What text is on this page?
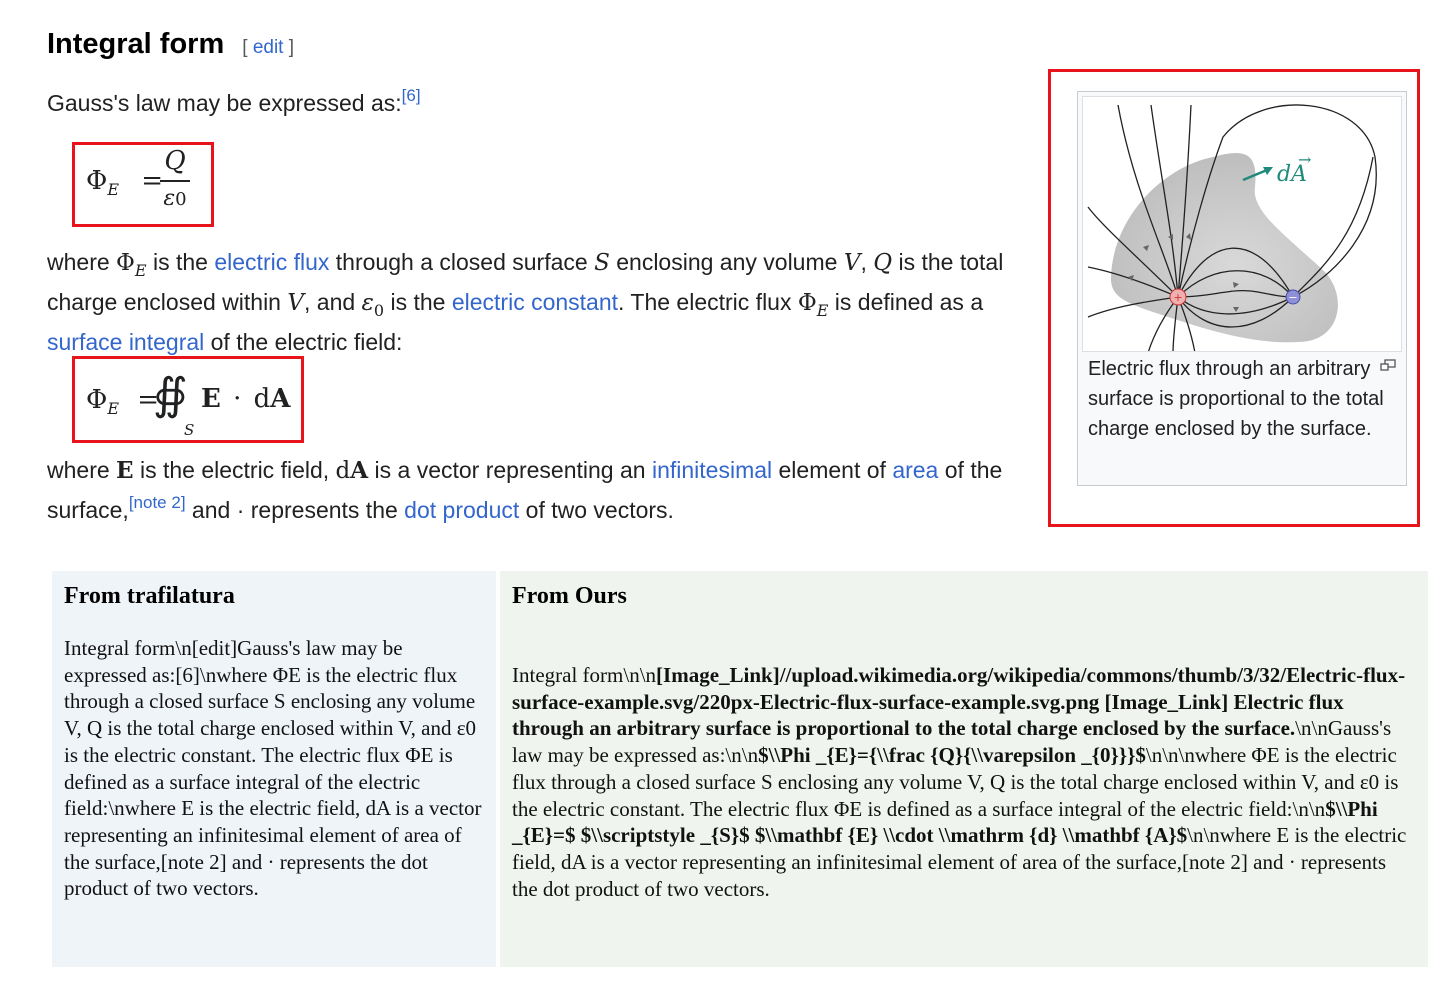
Integral form [ edit ]
Gauss's law may be expressed as:[6]
$\Phi_E$ =
Q
ε0
where $\Phi_E$ is the electric flux through a closed surface S enclosing any volume V, Q is the total charge enclosed within V, and $\varepsilon_0$ is the electric constant. The electric flux $\Phi_E$ is defined as a surface integral of the electric field:
$\Phi_E$ =
∯
S
E · dA
where E is the electric field, dA is a vector representing an infinitesimal element of area of the surface,[note 2] and · represents the dot product of two vectors.
+	−
dA
→
Electric flux through an arbitrary surface is proportional to the total charge enclosed by the surface.
From trafilatura
Integral form\n[edit]Gauss's law may be expressed as:[6]\nwhere ΦE is the electric flux through a closed surface S enclosing any volume V, Q is the total charge enclosed within V, and ε0 is the electric constant. The electric flux ΦE is defined as a surface integral of the electric field:\nwhere E is the electric field, dA is a vector representing an infinitesimal element of area of the surface,[note 2] and · represents the dot product of two vectors.
From Ours
Integral form\n\n[Image_Link]//upload.wikimedia.org/wikipedia/commons/thumb/3/32/Electric-flux-surface-example.svg/220px-Electric-flux-surface-example.svg.png [Image_Link] Electric flux through an arbitrary surface is proportional to the total charge enclosed by the surface.\n\nGauss's law may be expressed as:\n\n$\\Phi _{E}={\\frac {Q}{\\varepsilon _{0}}}$\n\n\nwhere ΦE is the electric flux through a closed surface S enclosing any volume V, Q is the total charge enclosed within V, and ε0 is the electric constant. The electric flux ΦE is defined as a surface integral of the electric field:\n\n$\\Phi _{E}=$ $\\scriptstyle _{S}$ $\\mathbf {E} \\cdot \\mathrm {d} \\mathbf {A}$\n\nwhere E is the electric field, dA is a vector representing an infinitesimal element of area of the surface,[note 2] and · represents the dot product of two vectors.
